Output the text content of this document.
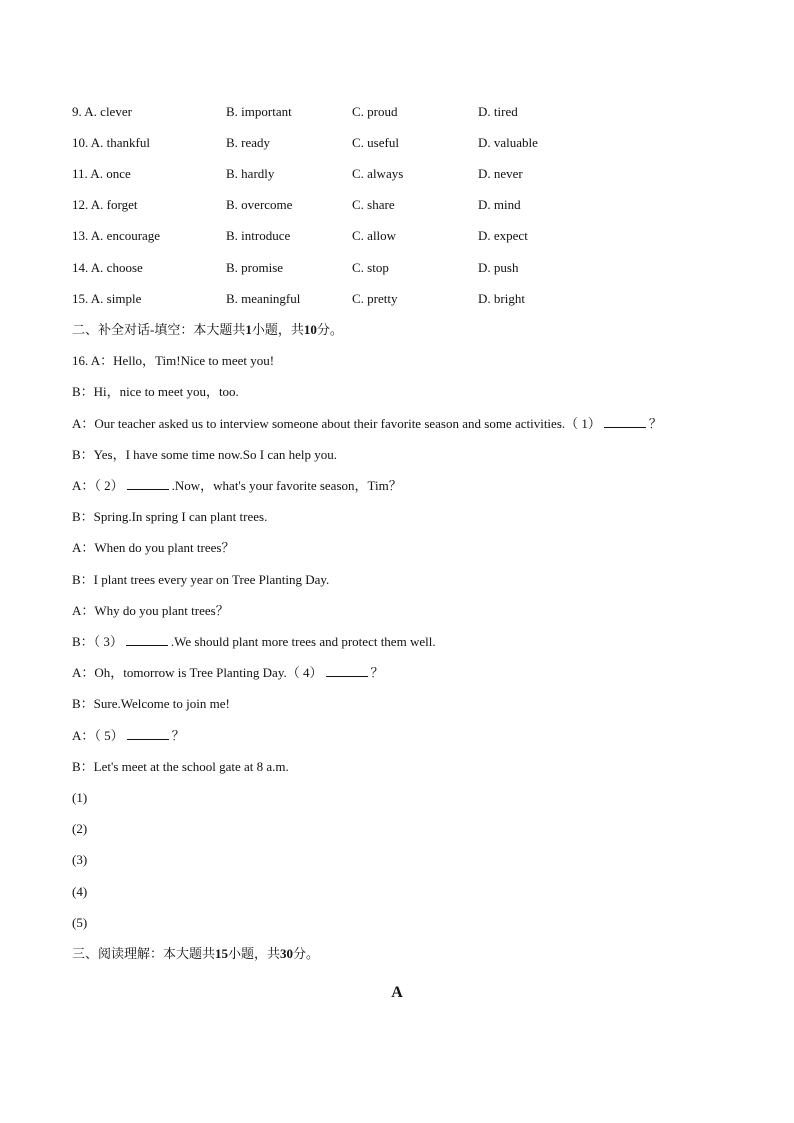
9. A. clever	B. important	C. proud	D. tired
10. A. thankful	B. ready	C. useful	D. valuable
11. A. once	B. hardly	C. always	D. never
12. A. forget	B. overcome	C. share	D. mind
13. A. encourage	B. introduce	C. allow	D. expect
14. A. choose	B. promise	C. stop	D. push
15. A. simple	B. meaningful	C. pretty	D. bright
二、补全对话-填空：本大题共1小题，共10分。
16. A：Hello，Tim!Nice to meet you!
B：Hi，nice to meet you，too.
A：Our teacher asked us to interview someone about their favorite season and some activities.（ 1）	？
B：Yes，I have some time now.So I can help you.
A：（ 2）	.Now，what's your favorite season，Tim？
B：Spring.In spring I can plant trees.
A：When do you plant trees？
B：I plant trees every year on Tree Planting Day.
A：Why do you plant trees？
B：（ 3）	.We should plant more trees and protect them well.
A：Oh，tomorrow is Tree Planting Day.（ 4）	？
B：Sure.Welcome to join me!
A：（ 5）	？
B：Let's meet at the school gate at 8 a.m.
(1)
(2)
(3)
(4)
(5)
三、阅读理解：本大题共15小题，共30分。
A
